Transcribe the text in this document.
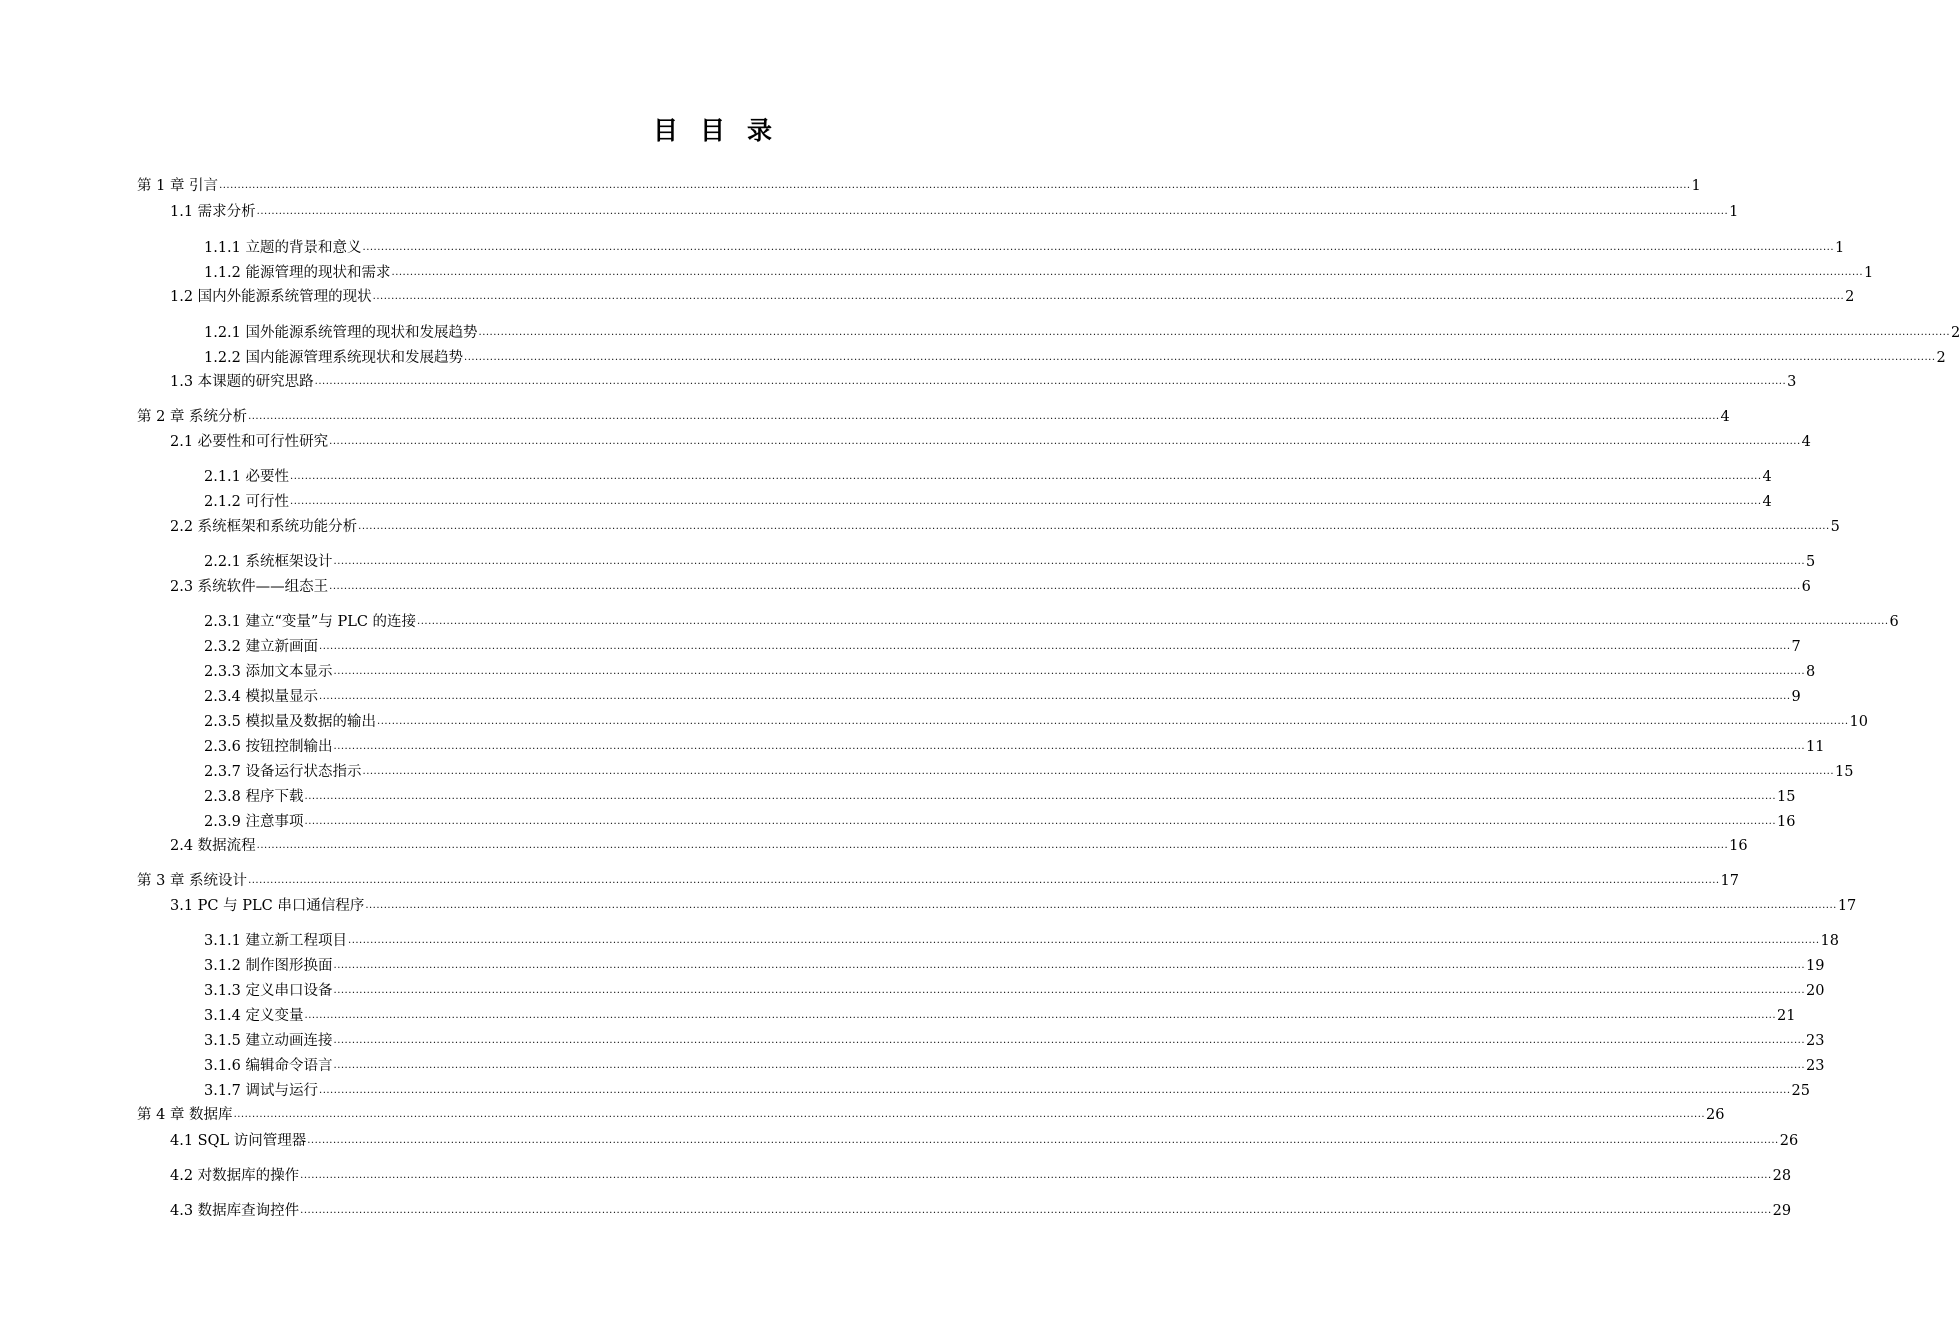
目目录
第 1 章 引言 ................................................................................................................................................................................................................................................................................................................................................................................................................ 1
1.1 需求分析 ................................................................................................................................................................................................................................................................................................................................................................................................................ 1
1.1.1 立题的背景和意义 ................................................................................................................................................................................................................................................................................................................................................................................................................ 1
1.1.2 能源管理的现状和需求 ................................................................................................................................................................................................................................................................................................................................................................................................................ 1
1.2 国内外能源系统管理的现状 ................................................................................................................................................................................................................................................................................................................................................................................................................ 2
1.2.1 国外能源系统管理的现状和发展趋势 ................................................................................................................................................................................................................................................................................................................................................................................................................ 2
1.2.2 国内能源管理系统现状和发展趋势 ................................................................................................................................................................................................................................................................................................................................................................................................................ 2
1.3 本课题的研究思路 ................................................................................................................................................................................................................................................................................................................................................................................................................ 3
第 2 章 系统分析 ................................................................................................................................................................................................................................................................................................................................................................................................................ 4
2.1 必要性和可行性研究 ................................................................................................................................................................................................................................................................................................................................................................................................................ 4
2.1.1 必要性 ................................................................................................................................................................................................................................................................................................................................................................................................................ 4
2.1.2 可行性 ................................................................................................................................................................................................................................................................................................................................................................................................................ 4
2.2 系统框架和系统功能分析 ................................................................................................................................................................................................................................................................................................................................................................................................................ 5
2.2.1 系统框架设计 ................................................................................................................................................................................................................................................................................................................................................................................................................ 5
2.3 系统软件——组态王 ................................................................................................................................................................................................................................................................................................................................................................................................................ 6
2.3.1 建立“变量”与 PLC 的连接 ................................................................................................................................................................................................................................................................................................................................................................................................................ 6
2.3.2 建立新画面 ................................................................................................................................................................................................................................................................................................................................................................................................................ 7
2.3.3 添加文本显示 ................................................................................................................................................................................................................................................................................................................................................................................................................ 8
2.3.4 模拟量显示 ................................................................................................................................................................................................................................................................................................................................................................................................................ 9
2.3.5 模拟量及数据的输出 ................................................................................................................................................................................................................................................................................................................................................................................................................ 10
2.3.6 按钮控制输出 ................................................................................................................................................................................................................................................................................................................................................................................................................ 11
2.3.7 设备运行状态指示 ................................................................................................................................................................................................................................................................................................................................................................................................................ 15
2.3.8 程序下载 ................................................................................................................................................................................................................................................................................................................................................................................................................ 15
2.3.9 注意事项 ................................................................................................................................................................................................................................................................................................................................................................................................................ 16
2.4 数据流程 ................................................................................................................................................................................................................................................................................................................................................................................................................ 16
第 3 章 系统设计 ................................................................................................................................................................................................................................................................................................................................................................................................................ 17
3.1 PC 与 PLC 串口通信程序 ................................................................................................................................................................................................................................................................................................................................................................................................................ 17
3.1.1 建立新工程项目 ................................................................................................................................................................................................................................................................................................................................................................................................................ 18
3.1.2 制作图形换面 ................................................................................................................................................................................................................................................................................................................................................................................................................ 19
3.1.3 定义串口设备 ................................................................................................................................................................................................................................................................................................................................................................................................................ 20
3.1.4 定义变量 ................................................................................................................................................................................................................................................................................................................................................................................................................ 21
3.1.5 建立动画连接 ................................................................................................................................................................................................................................................................................................................................................................................................................ 23
3.1.6 编辑命令语言 ................................................................................................................................................................................................................................................................................................................................................................................................................ 23
3.1.7 调试与运行 ................................................................................................................................................................................................................................................................................................................................................................................................................ 25
第 4 章 数据库 ................................................................................................................................................................................................................................................................................................................................................................................................................ 26
4.1 SQL 访问管理器 ................................................................................................................................................................................................................................................................................................................................................................................................................ 26
4.2 对数据库的操作 ................................................................................................................................................................................................................................................................................................................................................................................................................ 28
4.3 数据库查询控件 ................................................................................................................................................................................................................................................................................................................................................................................................................ 29
